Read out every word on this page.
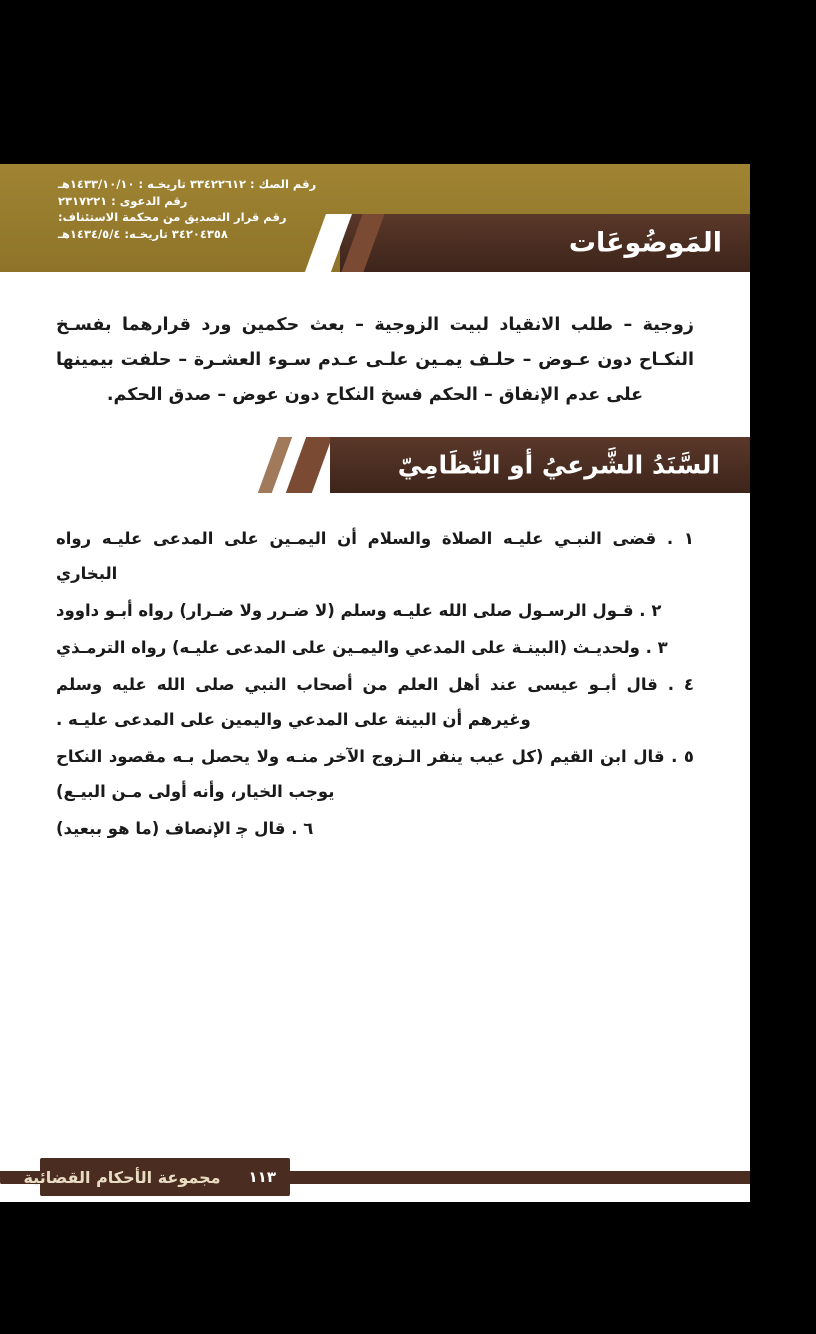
رقم الصك : ٣٣٤٢٢٦١٢ تاريخـه : ١٤٣٣/١٠/١٠هـ
رقم الدعوى : ٢٣١٧٢٢١
رقم قرار التصديق من محكمة الاستئناف:
٣٤٢٠٤٣٥٨ تاريخـه: ١٤٣٤/٥/٤هـ	المَوضُوعَات
زوجية – طلب الانقياد لبيت الزوجية – بعث حكمين ورد قرارهما بفسـخ النكـاح دون عـوض – حلـف يمـين علـى عـدم سـوء العشـرة – حلفت بيمينها على عدم الإنفاق – الحكم فسخ النكاح دون عوض – صدق الحكم.
السَّنَدُ الشَّرعيُ أو النِّظَامِيّ
١ . قضى النبـي عليـه الصلاة والسلام أن اليمـين على المدعى عليـه رواه البخاري
٢ . قـول الرسـول صلى الله عليـه وسلم (لا ضـرر ولا ضـرار) رواه أبـو داوود
٣ . ولحديـث (البينـة على المدعي واليمـين على المدعى عليـه) رواه الترمـذي
٤ . قال أبـو عيسى عند أهل العلم من أصحاب النبي صلى الله عليه وسلم وغيرهم أن البينة على المدعي واليمين على المدعى عليـه .
٥ . قال ابن القيم (كل عيب ينفر الـزوج الآخر منـه ولا يحصل بـه مقصود النكاح يوجب الخيار، وأنه أولى مـن البيـع)
٦ . قال ﭴ الإنصاف (ما هو ببعيد)
١١٣
مجموعة الأحكام القضائية
